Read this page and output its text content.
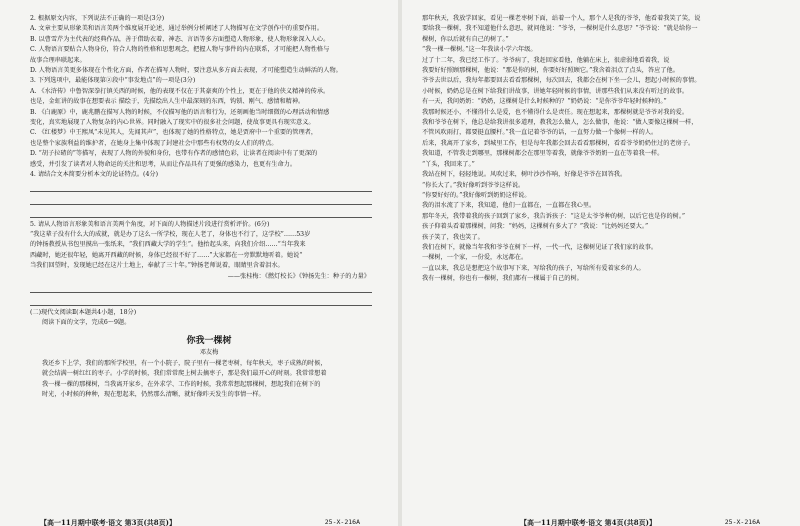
2. 根据原文内容，下列说法不正确的一项是(3分)
A. 文章主要从形象美和语言美两个维度展开论述，通过举例分析阐述了人物描写在文学创作中的重要作用。
B. 以曹雪芹为主代表的经典作品，善于借助衣着、神态、言语等多方面塑造人物形象，使人物形象深入人心。
C. 人物语言要贴合人物身份，符合人物的性格和思想观念，把握人物与事件的内在联系，才可能把人物性格与
故事合理串联起来。
D. 人物语言美更多体现在个性化方面，作者在描写人物时，要注意从多方面去表现，才可能塑造生动鲜活的人物。
3. 下列选项中，最能体现第②段中“事发地点”的一项是(3分)
A. 《水浒传》中鲁智深拳打镇关西的时候，他的表现不仅在于其豪爽的个性上，更在于他的侠义精神的传承。
也是，金虹讲的故事在想要表示 描绘于，先描绘出人生中最深刻的东西，钩锁、刚气、感情和精神。
B. 《白鹿原》中，鹿兆鹏在描写人物的时候，不仅描写他的语言和行为，还刻画他当时细微的心理活动和情感
变化，真实地展现了人物复杂的内心世界。同时融入了现实中的很多社会问题，使故事更具有现实意义。
C. 《红楼梦》中王熙凤“未见其人，先闻其声”，也体现了她的性格特点，她是贾府中一个重要的管理者，
也是整个家族利益的维护者，在她身上集中体现了封建社会中那些有权势的女人们的特点。
D. “胡子拉碴的”等描写，表现了人物的外貌和身份，也带有作者的感情色彩，让读者在阅读中有了更深的
感受，并引发了读者对人物命运的关注和思考，从而让作品具有了更强的感染力，也更有生命力。
4. 请结合文本简要分析本文的论证特点。(4分)
5. 请从人物语言形象美和语言美两个角度，对下面的人物描述片段进行赏析评价。(6分)
“我这辈子没有什么大的成就，就是办了这么一所学校，现在人老了，身体也不行了，这学校”……53岁
的钟扬教授从书包里摸出一张纸来，“我们西藏大学的学生”。他抬起头来，向我们介绍……“当年我来
西藏时，她还很年轻，她离开西藏的时候，身体已经很不好了……”大家都在一旁默默地听着。她说“
当我们回望时，发现她已经在这片土地上，奉献了三十年。”钟扬老师说着，眼睛里含着泪水。
——张桂梅：《燃灯校长》《钟扬先生：种子的力量》
(二)现代文阅读Ⅱ(本题共4小题，18分)
阅读下面的文字，完成6～9题。
你我一棵树
邓友梅
我还乡下上学，我们的那所学校里，有一个小院子，院子里有一棵老枣树，每年秋天，枣子成熟的时候，
就会结满一树红红的枣子。小学的时候，我们常常爬上树去摘枣子，那是我们最开心的时刻。我常常想着
我一棵一棵的那棵树，当我离开家乡，在外求学、工作的时候，我常常想起那棵树，想起我们在树下的
时光，小时候的种种，现在想起来，仍然那么清晰，就好像昨天发生的事情一样。
【高一11月期中联考·语文 第3页(共8页)】	25-X-216A
那年秋天，我放学回家，看见一棵老枣树下面，站着一个人，那个人是我的爷爷，他看着我笑了笑，说
要给我一棵树，我不知道他什么意思，就问他说：“爷爷，一棵树是什么意思？”爷爷说：“就是给你一
棵树，你以后就有自己的树了。”
“我一棵一棵树。”这一年我读小学六年级。
过了十二年，我已经工作了。爷爷病了，我赶回家看他，他躺在床上，很虚弱地看着我，说
我要好好照顾那棵树，他说：“那是你的树，你要好好照顾它。”我含着泪点了点头，答应了他。
爷爷去世以后，我每年都要回去看看那棵树，每次回去，我都会在树下坐一会儿，想起小时候的事情。
小时候，奶奶总是在树下给我们讲故事，讲她年轻时候的事情，讲那些我们从来没有听过的故事。
有一天，我问奶奶：“奶奶，这棵树是什么时候种的？”奶奶说：“是你爷爷年轻时候种的。”
我那时候还小，不懂得什么是爱，也不懂得什么是责任。现在想起来，那棵树就是爷爷对我的爱。
我和爷爷在树下，他总是给我讲很多道理，教我怎么做人，怎么做事，他说：“做人要像这棵树一样，
不管风吹雨打，都要挺直腰杆。”我一直记着爷爷的话，一直努力做一个像树一样的人。
后来，我离开了家乡，到城里工作，但是每年我都会回去看看那棵树，看看爷爷奶奶住过的老房子。
我知道，不管我走到哪里，那棵树都会在那里等着我，就像爷爷奶奶一直在等着我一样。
“丫头，我回来了。”
我站在树下，轻轻地说。风吹过来，树叶沙沙作响，好像是爷爷在回答我。
“你长大了。”我好像听到爷爷这样说。
“你要好好的。”我好像听到奶奶这样说。
我的泪水流了下来，我知道，他们一直都在，一直都在我心里。
那年冬天，我带着我的孩子回到了家乡，我告诉孩子：“这是太爷爷种的树，以后它也是你的树。”
孩子仰着头看着那棵树，问我：“妈妈，这棵树有多大了？”我说：“比妈妈还要大。”
孩子笑了，我也笑了。
我们在树下，就像当年我和爷爷在树下一样，一代一代，这棵树见证了我们家的故事。
一棵树，一个家，一份爱，永远都在。
一直以来，我总是想把这个故事写下来，写给我的孩子，写给所有爱着家乡的人。
我有一棵树，你也有一棵树，我们都有一棵属于自己的树。
【高一11月期中联考·语文 第4页(共8页)】	25-X-216A
